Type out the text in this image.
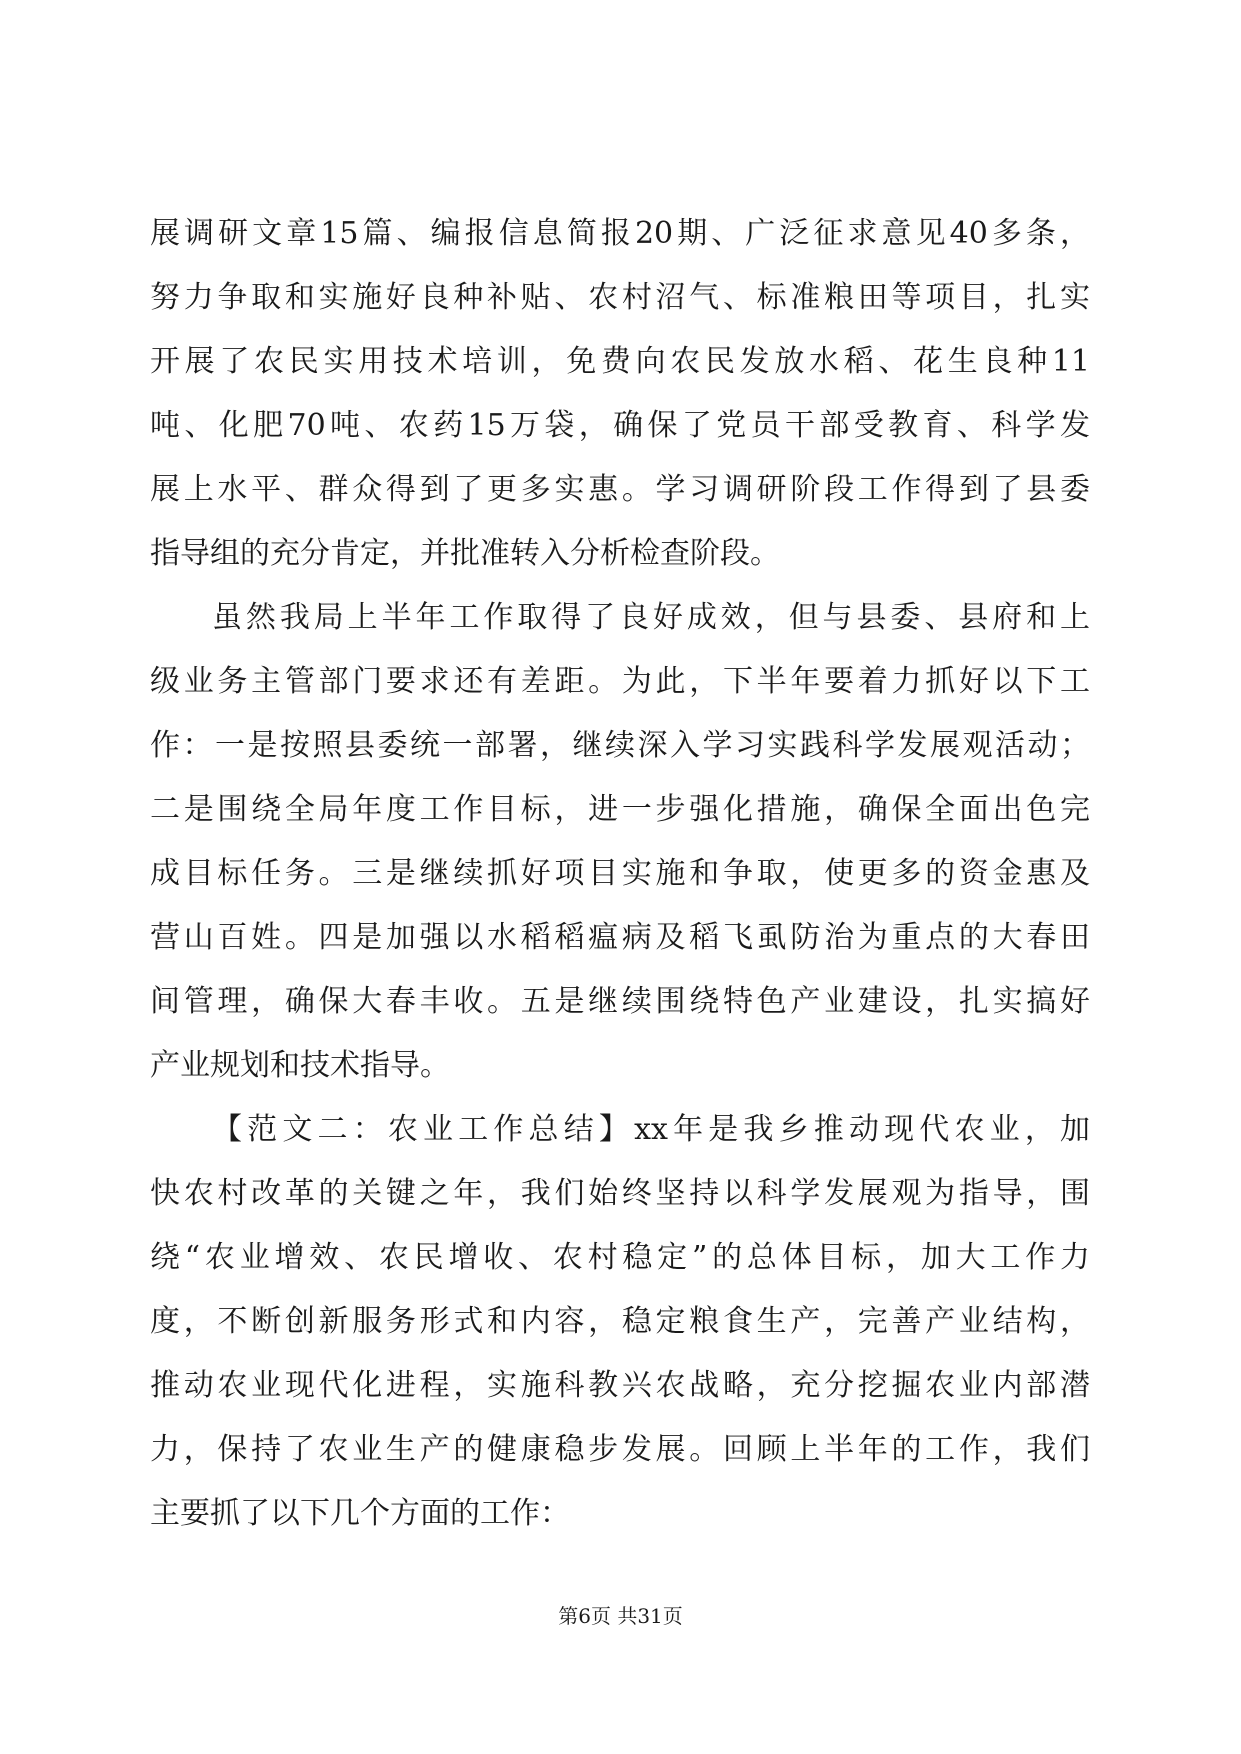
展调研文章15篇、编报信息简报20期、广泛征求意见40多条，
努力争取和实施好良种补贴、农村沼气、标准粮田等项目，扎实
开展了农民实用技术培训，免费向农民发放水稻、花生良种11
吨、化肥70吨、农药15万袋，确保了党员干部受教育、科学发
展上水平、群众得到了更多实惠。学习调研阶段工作得到了县委
指导组的充分肯定，并批准转入分析检查阶段。
虽然我局上半年工作取得了良好成效，但与县委、县府和上
级业务主管部门要求还有差距。为此，下半年要着力抓好以下工
作：一是按照县委统一部署，继续深入学习实践科学发展观活动；
二是围绕全局年度工作目标，进一步强化措施，确保全面出色完
成目标任务。三是继续抓好项目实施和争取，使更多的资金惠及
营山百姓。四是加强以水稻稻瘟病及稻飞虱防治为重点的大春田
间管理，确保大春丰收。五是继续围绕特色产业建设，扎实搞好
产业规划和技术指导。
【范文二：农业工作总结】xx年是我乡推动现代农业，加
快农村改革的关键之年，我们始终坚持以科学发展观为指导，围
绕“农业增效、农民增收、农村稳定”的总体目标，加大工作力
度，不断创新服务形式和内容，稳定粮食生产，完善产业结构，
推动农业现代化进程，实施科教兴农战略，充分挖掘农业内部潜
力，保持了农业生产的健康稳步发展。回顾上半年的工作，我们
主要抓了以下几个方面的工作：
第6页 共31页
